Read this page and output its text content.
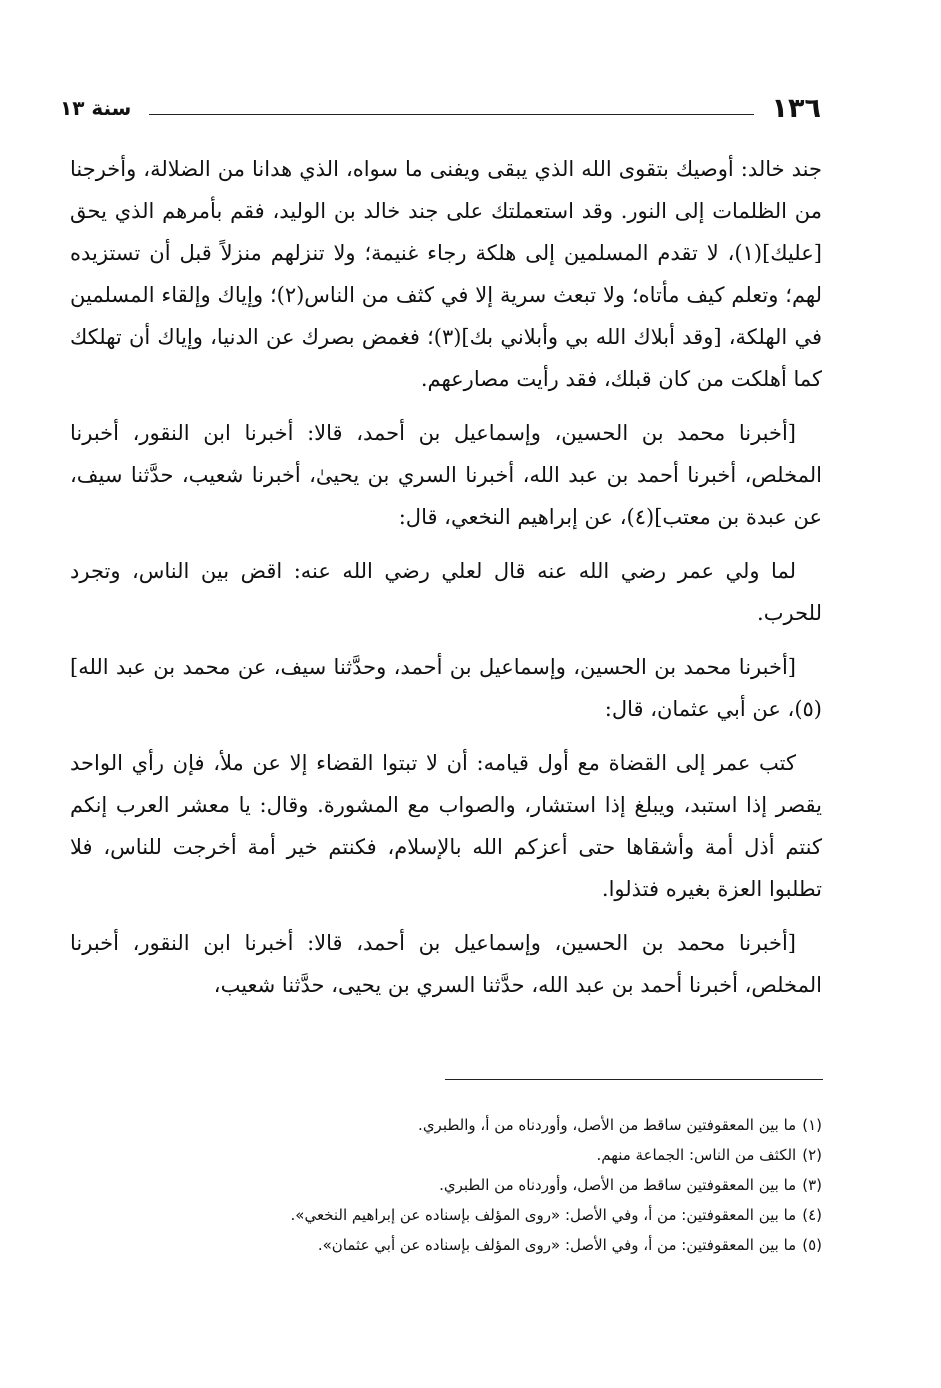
١٣٦
سنة ١٣

جند خالد: أوصيك بتقوى الله الذي يبقى ويفنى ما سواه، الذي هدانا من الضلالة، وأخرجنا من الظلمات إلى النور. وقد استعملتك على جند خالد بن الوليد، فقم بأمرهم الذي يحق [عليك](١)، لا تقدم المسلمين إلى هلكة رجاء غنيمة؛ ولا تنزلهم منزلاً قبل أن تستزيده لهم؛ وتعلم كيف مأتاه؛ ولا تبعث سرية إلا في كثف من الناس(٢)؛ وإياك وإلقاء المسلمين في الهلكة، [وقد أبلاك الله بي وأبلاني بك](٣)؛ فغمض بصرك عن الدنيا، وإياك أن تهلكك كما أهلكت من كان قبلك، فقد رأيت مصارعهم.

[أخبرنا محمد بن الحسين، وإسماعيل بن أحمد، قالا: أخبرنا ابن النقور، أخبرنا المخلص، أخبرنا أحمد بن عبد الله، أخبرنا السري بن يحيىٰ، أخبرنا شعيب، حدَّثنا سيف، عن عبدة بن معتب](٤)، عن إبراهيم النخعي، قال:

لما ولي عمر رضي الله عنه قال لعلي رضي الله عنه: اقض بين الناس، وتجرد للحرب.

[أخبرنا محمد بن الحسين، وإسماعيل بن أحمد، وحدَّثنا سيف، عن محمد بن عبد الله](٥)، عن أبي عثمان، قال:

كتب عمر إلى القضاة مع أول قيامه: أن لا تبتوا القضاء إلا عن ملأ، فإن رأي الواحد يقصر إذا استبد، ويبلغ إذا استشار، والصواب مع المشورة. وقال: يا معشر العرب إنكم كنتم أذل أمة وأشقاها حتى أعزكم الله بالإسلام، فكنتم خير أمة أخرجت للناس، فلا تطلبوا العزة بغيره فتذلوا.

[أخبرنا محمد بن الحسين، وإسماعيل بن أحمد، قالا: أخبرنا ابن النقور، أخبرنا المخلص، أخبرنا أحمد بن عبد الله، حدَّثنا السري بن يحيى، حدَّثنا شعيب،

(١)
ما بين المعقوفتين ساقط من الأصل، وأوردناه من أ، والطبري.

(٢)
الكثف من الناس: الجماعة منهم.

(٣)
ما بين المعقوفتين ساقط من الأصل، وأوردناه من الطبري.

(٤)
ما بين المعقوفتين: من أ، وفي الأصل: «روى المؤلف بإسناده عن إبراهيم النخعي».

(٥)
ما بين المعقوفتين: من أ، وفي الأصل: «روى المؤلف بإسناده عن أبي عثمان».
